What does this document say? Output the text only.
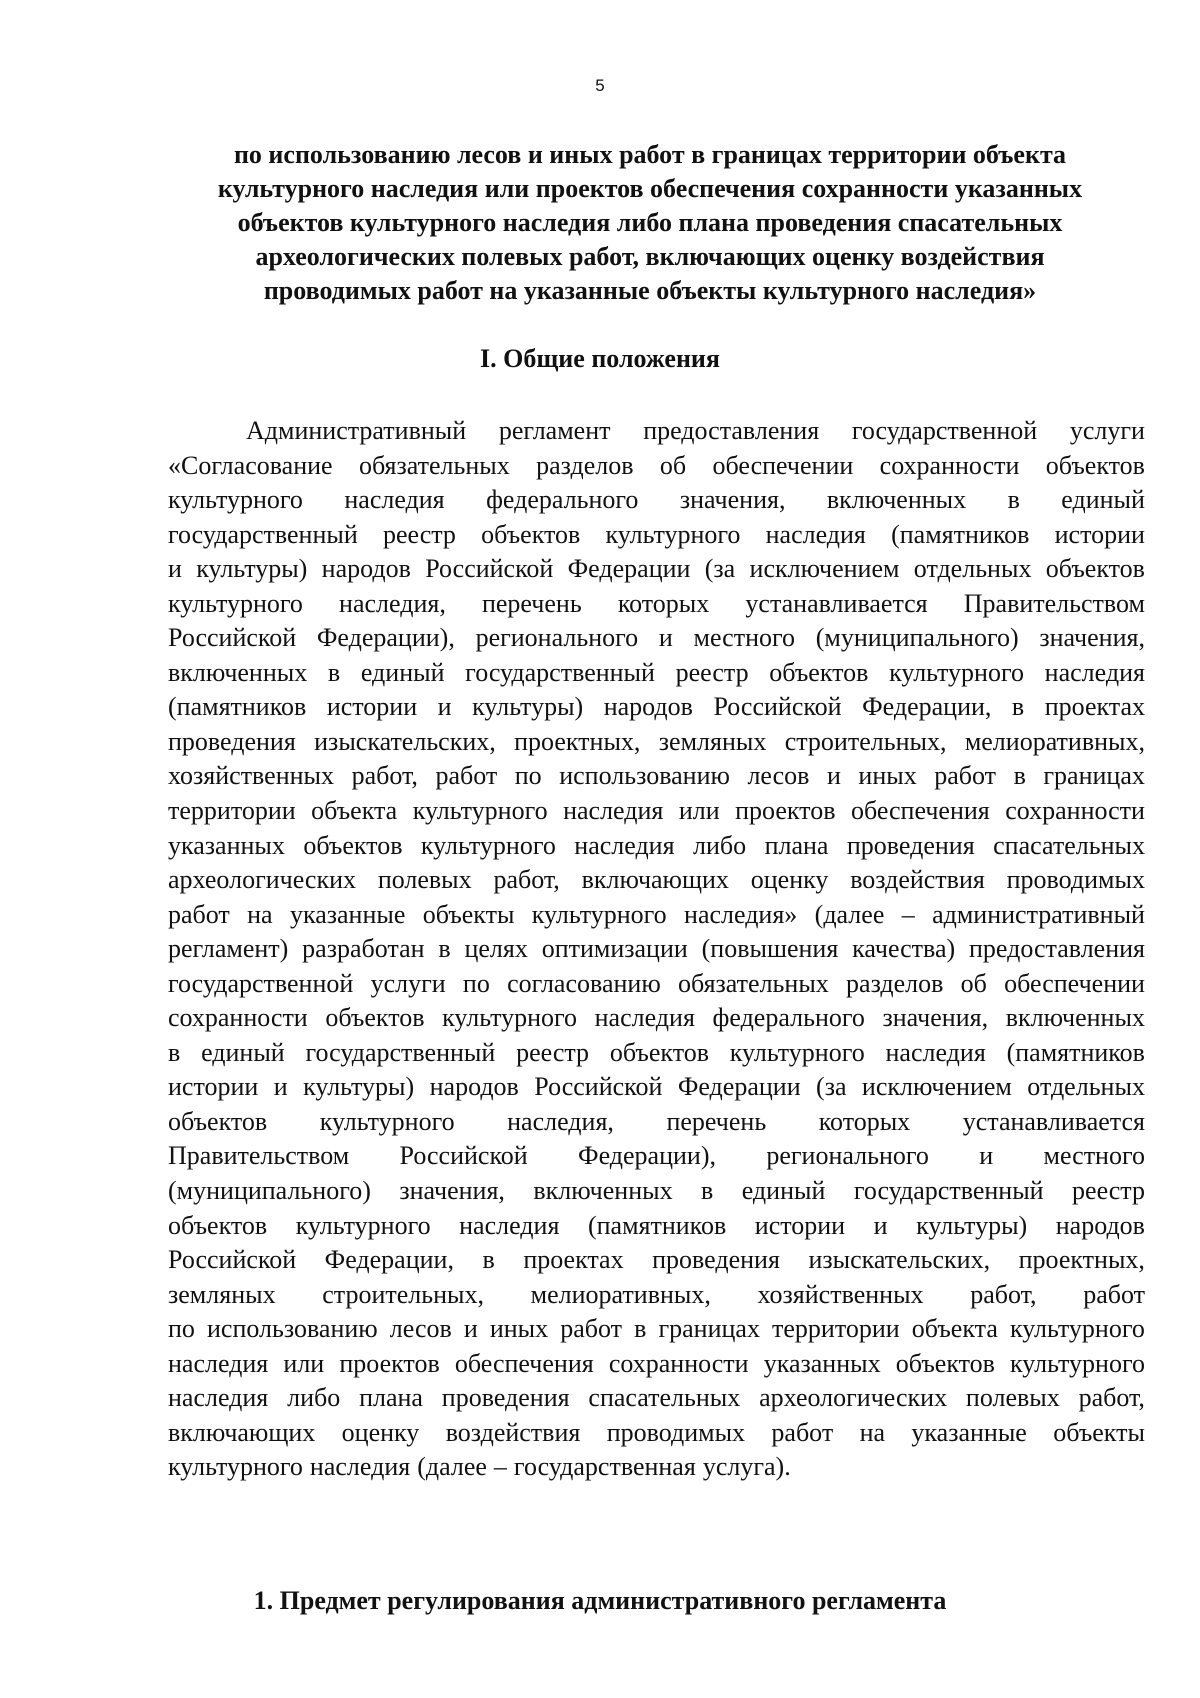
5
по использованию лесов и иных работ в границах территории объекта
культурного наследия или проектов обеспечения сохранности указанных
объектов культурного наследия либо плана проведения спасательных
археологических полевых работ, включающих оценку воздействия
проводимых работ на указанные объекты культурного наследия»
I. Общие положения
Административный регламент предоставления государственной услуги
«Согласование обязательных разделов об обеспечении сохранности объектов
культурного наследия федерального значения, включенных в единый
государственный реестр объектов культурного наследия (памятников истории
и культуры) народов Российской Федерации (за исключением отдельных объектов
культурного наследия, перечень которых устанавливается Правительством
Российской Федерации), регионального и местного (муниципального) значения,
включенных в единый государственный реестр объектов культурного наследия
(памятников истории и культуры) народов Российской Федерации, в проектах
проведения изыскательских, проектных, земляных строительных, мелиоративных,
хозяйственных работ, работ по использованию лесов и иных работ в границах
территории объекта культурного наследия или проектов обеспечения сохранности
указанных объектов культурного наследия либо плана проведения спасательных
археологических полевых работ, включающих оценку воздействия проводимых
работ на указанные объекты культурного наследия» (далее – административный
регламент) разработан в целях оптимизации (повышения качества) предоставления
государственной услуги по согласованию обязательных разделов об обеспечении
сохранности объектов культурного наследия федерального значения, включенных
в единый государственный реестр объектов культурного наследия (памятников
истории и культуры) народов Российской Федерации (за исключением отдельных
объектов культурного наследия, перечень которых устанавливается
Правительством Российской Федерации), регионального и местного
(муниципального) значения, включенных в единый государственный реестр
объектов культурного наследия (памятников истории и культуры) народов
Российской Федерации, в проектах проведения изыскательских, проектных,
земляных строительных, мелиоративных, хозяйственных работ, работ
по использованию лесов и иных работ в границах территории объекта культурного
наследия или проектов обеспечения сохранности указанных объектов культурного
наследия либо плана проведения спасательных археологических полевых работ,
включающих оценку воздействия проводимых работ на указанные объекты
культурного наследия (далее – государственная услуга).
1. Предмет регулирования административного регламента
